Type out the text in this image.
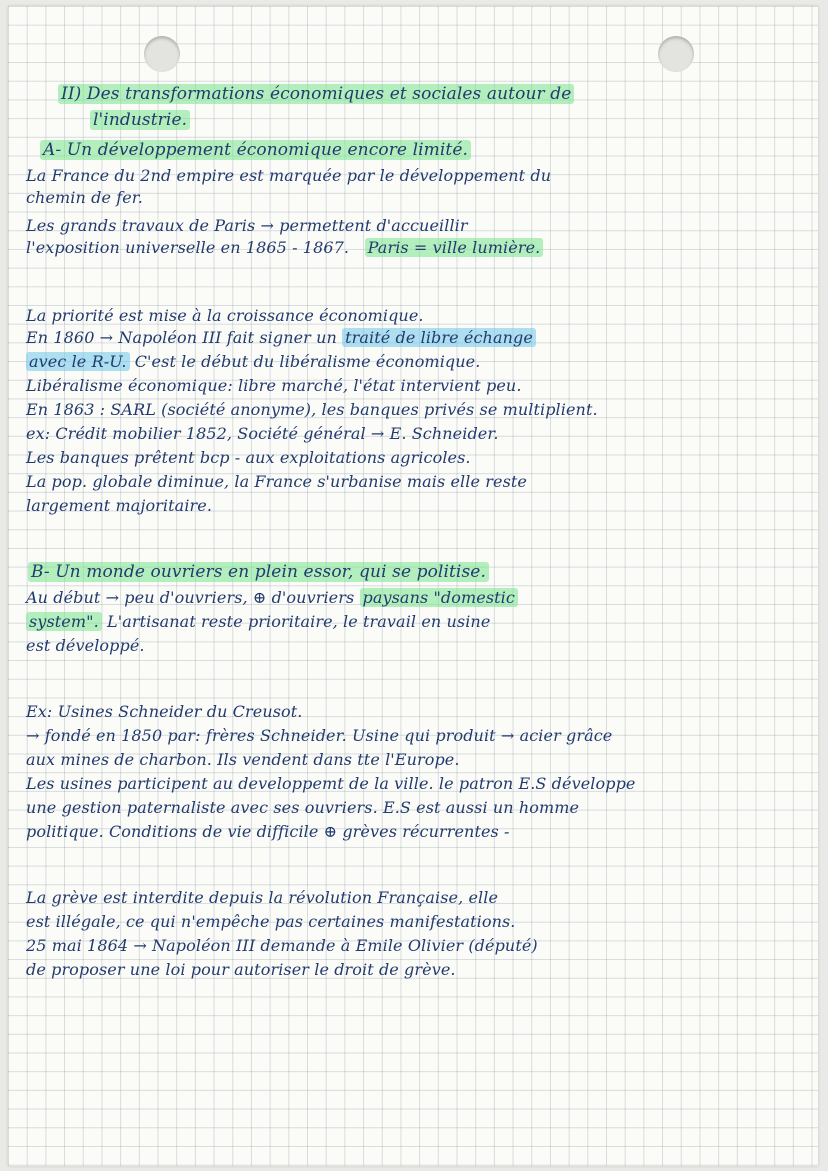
II) Des transformations économiques et sociales autour de
l'industrie.
A- Un développement économique encore limité.
La France du 2nd empire est marquée par le développement du
chemin de fer.
Les grands travaux de Paris → permettent d'accueillir
l'exposition universelle en 1865 - 1867. Paris = ville lumière.
La priorité est mise à la croissance économique.
En 1860 → Napoléon III fait signer un traité de libre échange
avec le R-U. C'est le début du libéralisme économique.
Libéralisme économique: libre marché, l'état intervient peu.
En 1863 : SARL (société anonyme), les banques privés se multiplient.
ex: Crédit mobilier 1852, Société général → E. Schneider.
Les banques prêtent bcp - aux exploitations agricoles.
La pop. globale diminue, la France s'urbanise mais elle reste
largement majoritaire.
B- Un monde ouvriers en plein essor, qui se politise.
Au début → peu d'ouvriers, ⊕ d'ouvriers paysans "domestic
system". L'artisanat reste prioritaire, le travail en usine
est développé.
Ex: Usines Schneider du Creusot.
→ fondé en 1850 par: frères Schneider. Usine qui produit → acier grâce
aux mines de charbon. Ils vendent dans tte l'Europe.
Les usines participent au developpemt de la ville. le patron E.S développe
une gestion paternaliste avec ses ouvriers. E.S est aussi un homme
politique. Conditions de vie difficile ⊕ grèves récurrentes -
La grève est interdite depuis la révolution Française, elle
est illégale, ce qui n'empêche pas certaines manifestations.
25 mai 1864 → Napoléon III demande à Emile Olivier (député)
de proposer une loi pour autoriser le droit de grève.
